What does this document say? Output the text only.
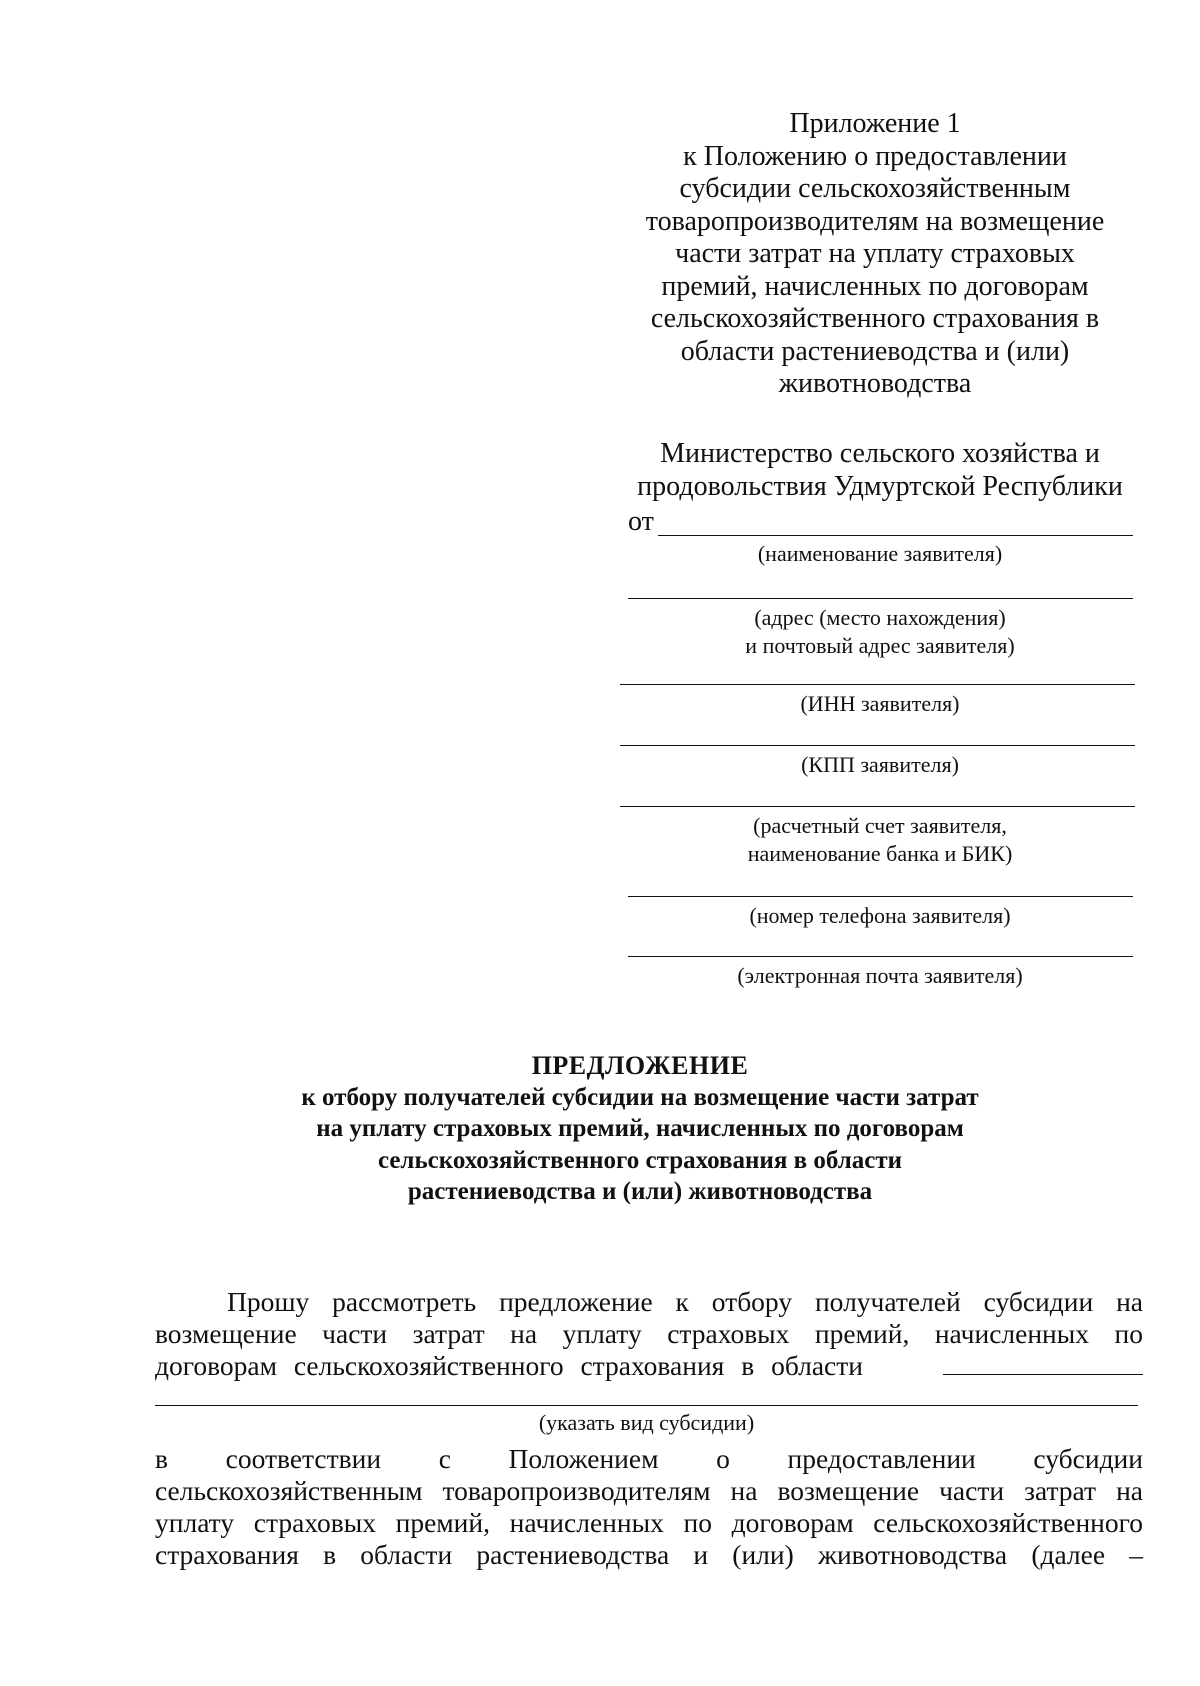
Приложение 1
к Положению о предоставлении
субсидии сельскохозяйственным
товаропроизводителям на возмещение
части затрат на уплату страховых
премий, начисленных по договорам
сельскохозяйственного страхования в
области растениеводства и (или)
животноводства
Министерство сельского хозяйства и
продовольствия Удмуртской Республики
от
(наименование заявителя)
(адрес (место нахождения)
и почтовый адрес заявителя)
(ИНН заявителя)
(КПП заявителя)
(расчетный счет заявителя,
наименование банка и БИК)
(номер телефона заявителя)
(электронная почта заявителя)
ПРЕДЛОЖЕНИЕ
к отбору получателей субсидии на возмещение части затрат
на уплату страховых премий, начисленных по договорам
сельскохозяйственного страхования в области
растениеводства и (или) животноводства
Прошу рассмотреть предложение к отбору получателей субсидии на
возмещение части затрат на уплату страховых премий, начисленных по
договорам сельскохозяйственного страхования в области
(указать вид субсидии)
в соответствии с Положением о предоставлении субсидии
сельскохозяйственным товаропроизводителям на возмещение части затрат на
уплату страховых премий, начисленных по договорам сельскохозяйственного
страхования в области растениеводства и (или) животноводства (далее –
